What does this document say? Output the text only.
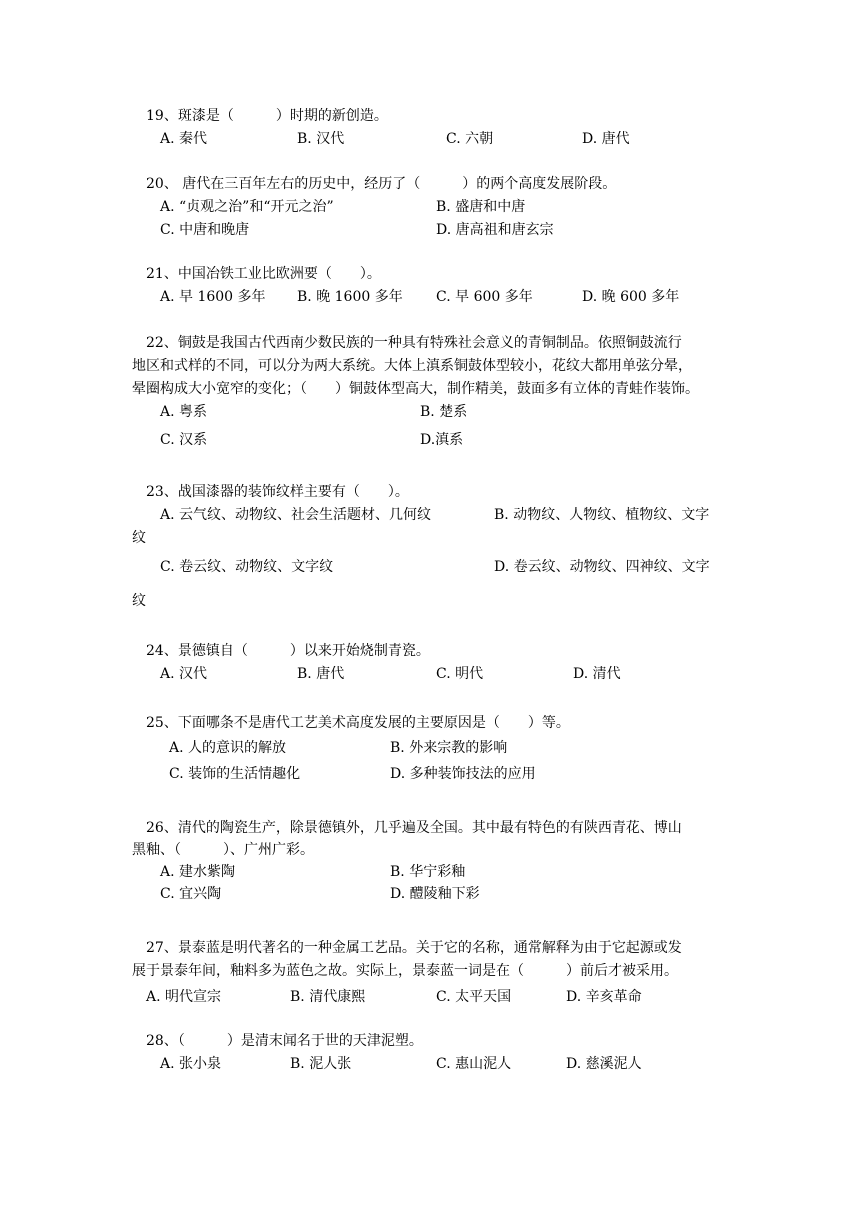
19、斑漆是（　　　）时期的新创造。
A. 秦代	B. 汉代	C. 六朝	D. 唐代
20、 唐代在三百年左右的历史中，经历了（　　　）的两个高度发展阶段。
A. “贞观之治”和“开元之治”	B. 盛唐和中唐
C. 中唐和晚唐	D. 唐高祖和唐玄宗
21、中国冶铁工业比欧洲要（　　）。
A. 早 1600 多年 B. 晚 1600 多年 C. 早 600 多年	D. 晚 600 多年
22、铜鼓是我国古代西南少数民族的一种具有特殊社会意义的青铜制品。依照铜鼓流行
地区和式样的不同，可以分为两大系统。大体上滇系铜鼓体型较小，花纹大都用单弦分晕，
晕圈构成大小宽窄的变化；（　　）铜鼓体型高大，制作精美，鼓面多有立体的青蛙作装饰。
A. 粤系	B. 楚系
C. 汉系	D.滇系
23、战国漆器的装饰纹样主要有（　　）。
A. 云气纹、动物纹、社会生活题材、几何纹	B. 动物纹、人物纹、植物纹、文字
纹
C. 卷云纹、动物纹、文字纹	D. 卷云纹、动物纹、四神纹、文字
纹
24、景德镇自（　　　）以来开始烧制青瓷。
A. 汉代	B. 唐代	C. 明代	D. 清代
25、下面哪条不是唐代工艺美术高度发展的主要原因是（　　）等。
A. 人的意识的解放	B. 外来宗教的影响
C. 装饰的生活情趣化	D. 多种装饰技法的应用
26、清代的陶瓷生产，除景德镇外，几乎遍及全国。其中最有特色的有陕西青花、博山
黑釉、（　　　）、广州广彩。
A. 建水紫陶	B. 华宁彩釉
C. 宜兴陶	D. 醴陵釉下彩
27、景泰蓝是明代著名的一种金属工艺品。关于它的名称，通常解释为由于它起源或发
展于景泰年间，釉料多为蓝色之故。实际上，景泰蓝一词是在（　　　）前后才被采用。
A. 明代宣宗	B. 清代康熙	C. 太平天国	D. 辛亥革命
28、（　　　）是清末闻名于世的天津泥塑。
A. 张小泉	B. 泥人张	C. 惠山泥人	D. 慈溪泥人
